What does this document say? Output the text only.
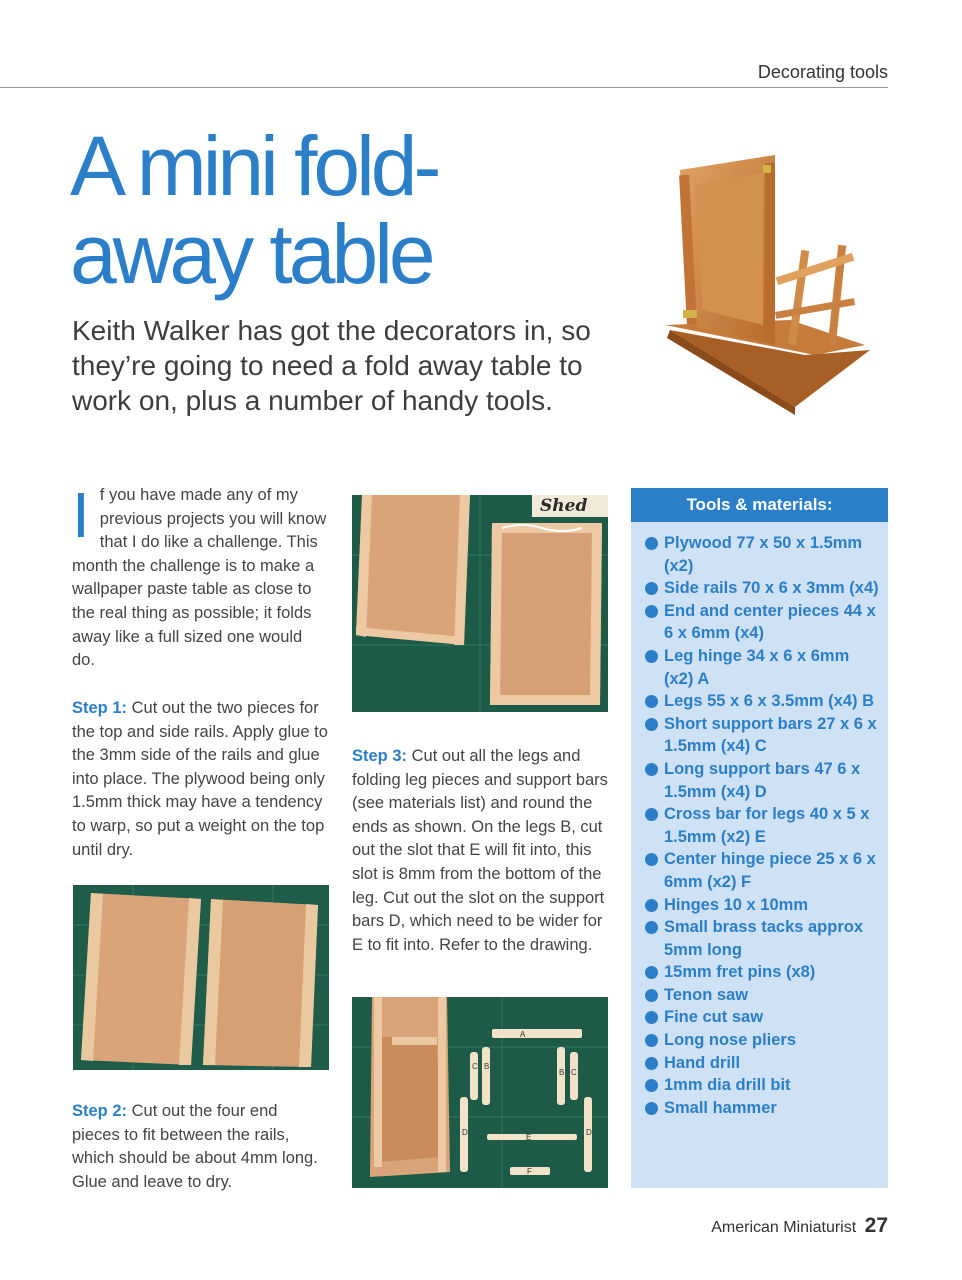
Decorating tools
A mini fold-
away table

Keith Walker has got the decorators in, so they’re going to need a fold away table to work on, plus a number of handy tools.

If you have made any of my previous projects you will know that I do like a challenge. This month the challenge is to make a wallpaper paste table as close to the real thing as possible; it folds away like a full sized one would do.

Step 1: Cut out the two pieces for the top and side rails. Apply glue to the 3mm side of the rails and glue into place. The plywood being only 1.5mm thick may have a tendency to warp, so put a weight on the top until dry.

Step 2: Cut out the four end pieces to fit between the rails, which should be about 4mm long. Glue and leave to dry.

Shed

Step 3: Cut out all the legs and folding leg pieces and support bars (see materials list) and round the ends as shown. On the legs B, cut out the slot that E will fit into, this slot is 8mm from the bottom of the leg. Cut out the slot on the support bars D, which need to be wider for E to fit into. Refer to the drawing.

A
C B
B C
D	D
E
F
Tools & materials:
Plywood 77 x 50 x 1.5mm (x2)
Side rails 70 x 6 x 3mm (x4)
End and center pieces 44 x 6 x 6mm (x4)
Leg hinge 34 x 6 x 6mm (x2) A
Legs 55 x 6 x 3.5mm (x4) B
Short support bars 27 x 6 x 1.5mm (x4) C
Long support bars 47 6 x 1.5mm (x4) D
Cross bar for legs 40 x 5 x 1.5mm (x2) E
Center hinge piece 25 x 6 x 6mm (x2) F
Hinges 10 x 10mm
Small brass tacks approx 5mm long
15mm fret pins (x8)
Tenon saw
Fine cut saw
Long nose pliers
Hand drill
1mm dia drill bit
Small hammer
American Miniaturist 27
